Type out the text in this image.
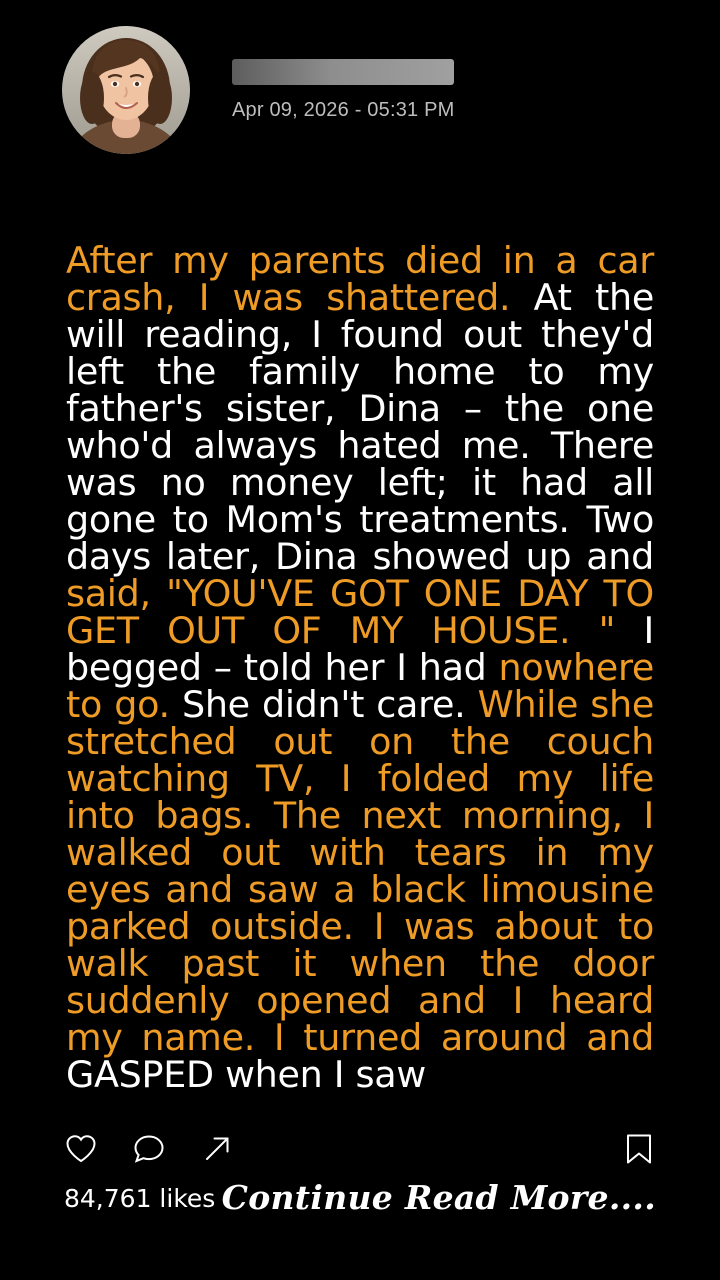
Apr 09, 2026 - 05:31 PM
After my parents died in a car crash, I was shattered. At the will reading, I found out they'd left the family home to my father's sister, Dina – the one who'd always hated me. There was no money left; it had all gone to Mom's treatments. Two days later, Dina showed up and said, "YOU'VE GOT ONE DAY TO GET OUT OF MY HOUSE. " I begged – told her I had nowhere to go. She didn't care. While she stretched out on the couch watching TV, I folded my life into bags. The next morning, I walked out with tears in my eyes and saw a black limousine parked outside. I was about to walk past it when the door suddenly opened and I heard my name. I turned around and GASPED when I saw
84,761 likes Continue Read More....
